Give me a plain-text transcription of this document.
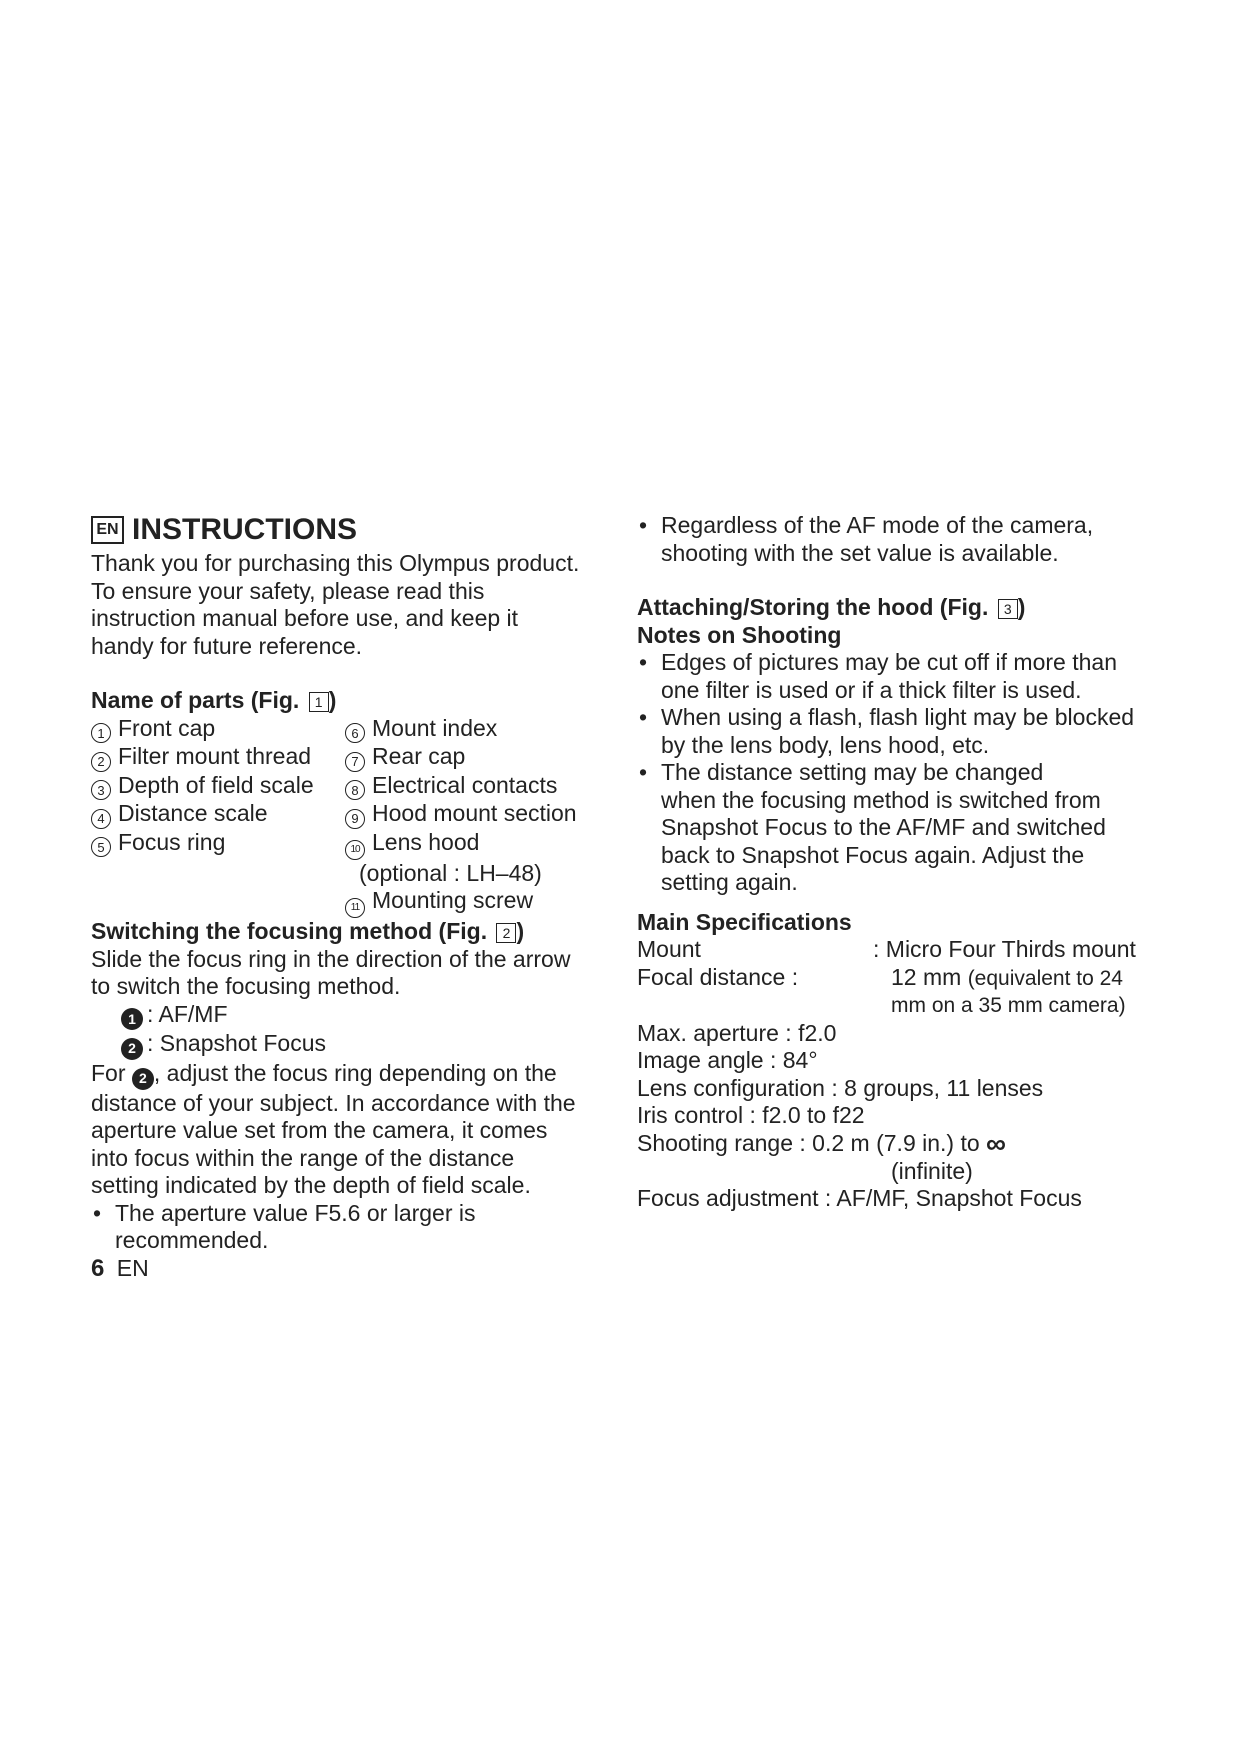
EN INSTRUCTIONS
Thank you for purchasing this Olympus product.
To ensure your safety, please read this
instruction manual before use, and keep it
handy for future reference.
Name of parts (Fig. 1 )
1 Front cap	6 Mount index
2 Filter mount thread	7 Rear cap
3 Depth of field scale	8 Electrical contacts
4 Distance scale	9 Hood mount section
5 Focus ring	10 Lens hood
(optional : LH–48)
11 Mounting screw
Switching the focusing method (Fig. 2 )
Slide the focus ring in the direction of the arrow
to switch the focusing method.
1 : AF/MF
2 : Snapshot Focus
For 2 , adjust the focus ring depending on the
distance of your subject. In accordance with the
aperture value set from the camera, it comes
into focus within the range of the distance
setting indicated by the depth of field scale.
• The aperture value F5.6 or larger is
recommended.
6 EN
• Regardless of the AF mode of the camera,
shooting with the set value is available.
Attaching/Storing the hood (Fig. 3 )
Notes on Shooting
• Edges of pictures may be cut off if more than
one filter is used or if a thick filter is used.
• When using a flash, flash light may be blocked
by the lens body, lens hood, etc.
• The distance setting may be changed
when the focusing method is switched from
Snapshot Focus to the AF/MF and switched
back to Snapshot Focus again. Adjust the
setting again.
Main Specifications
Mount	: Micro Four Thirds mount
Focal distance :	12 mm (equivalent to 24
mm on a 35 mm camera)
Max. aperture : f2.0
Image angle : 84°
Lens configuration : 8 groups, 11 lenses
Iris control : f2.0 to f22
Shooting range : 0.2 m (7.9 in.) to ∞
(infinite)
Focus adjustment : AF/MF, Snapshot Focus
